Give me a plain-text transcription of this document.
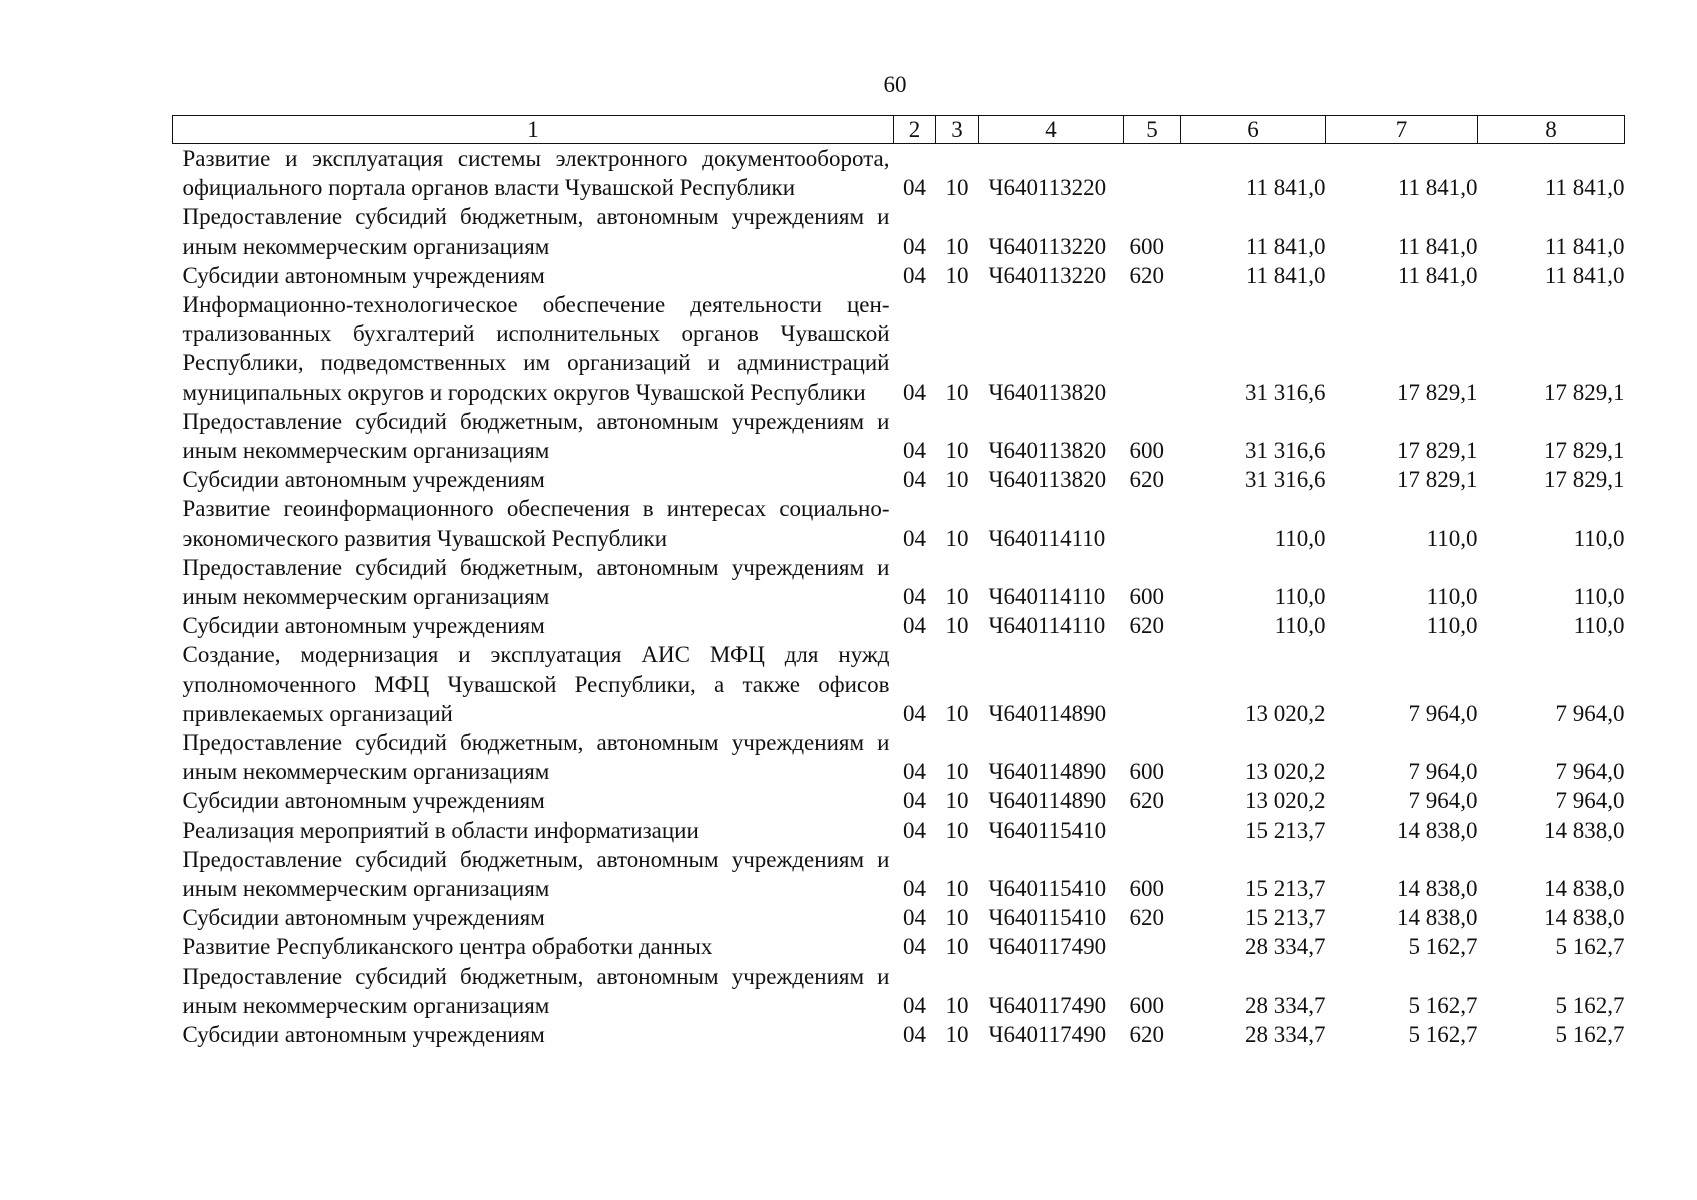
60
1	2	3	4	5	6	7	8
Развитие и эксплуатация системы электронного документооборота, официального портала органов власти Чувашской Республики	04	10	Ч640113220		11 841,0	11 841,0	11 841,0
Предоставление субсидий бюджетным, автономным учреждениям и иным некоммерческим организациям	04	10	Ч640113220	600	11 841,0	11 841,0	11 841,0
Субсидии автономным учреждениям	04	10	Ч640113220	620	11 841,0	11 841,0	11 841,0
Информационно-технологическое обеспечение деятельности централизованных бухгалтерий исполнительных органов Чувашской Республики, подведомственных им организаций и администраций муниципальных округов и городских округов Чувашской Республики	04	10	Ч640113820		31 316,6	17 829,1	17 829,1
Предоставление субсидий бюджетным, автономным учреждениям и иным некоммерческим организациям	04	10	Ч640113820	600	31 316,6	17 829,1	17 829,1
Субсидии автономным учреждениям	04	10	Ч640113820	620	31 316,6	17 829,1	17 829,1
Развитие геоинформационного обеспечения в интересах социально-экономического развития Чувашской Республики	04	10	Ч640114110		110,0	110,0	110,0
Предоставление субсидий бюджетным, автономным учреждениям и иным некоммерческим организациям	04	10	Ч640114110	600	110,0	110,0	110,0
Субсидии автономным учреждениям	04	10	Ч640114110	620	110,0	110,0	110,0
Создание, модернизация и эксплуатация АИС МФЦ для нужд уполномоченного МФЦ Чувашской Республики, а также офисов привлекаемых организаций	04	10	Ч640114890		13 020,2	7 964,0	7 964,0
Предоставление субсидий бюджетным, автономным учреждениям и иным некоммерческим организациям	04	10	Ч640114890	600	13 020,2	7 964,0	7 964,0
Субсидии автономным учреждениям	04	10	Ч640114890	620	13 020,2	7 964,0	7 964,0
Реализация мероприятий в области информатизации	04	10	Ч640115410		15 213,7	14 838,0	14 838,0
Предоставление субсидий бюджетным, автономным учреждениям и иным некоммерческим организациям	04	10	Ч640115410	600	15 213,7	14 838,0	14 838,0
Субсидии автономным учреждениям	04	10	Ч640115410	620	15 213,7	14 838,0	14 838,0
Развитие Республиканского центра обработки данных	04	10	Ч640117490		28 334,7	5 162,7	5 162,7
Предоставление субсидий бюджетным, автономным учреждениям и иным некоммерческим организациям	04	10	Ч640117490	600	28 334,7	5 162,7	5 162,7
Субсидии автономным учреждениям	04	10	Ч640117490	620	28 334,7	5 162,7	5 162,7
